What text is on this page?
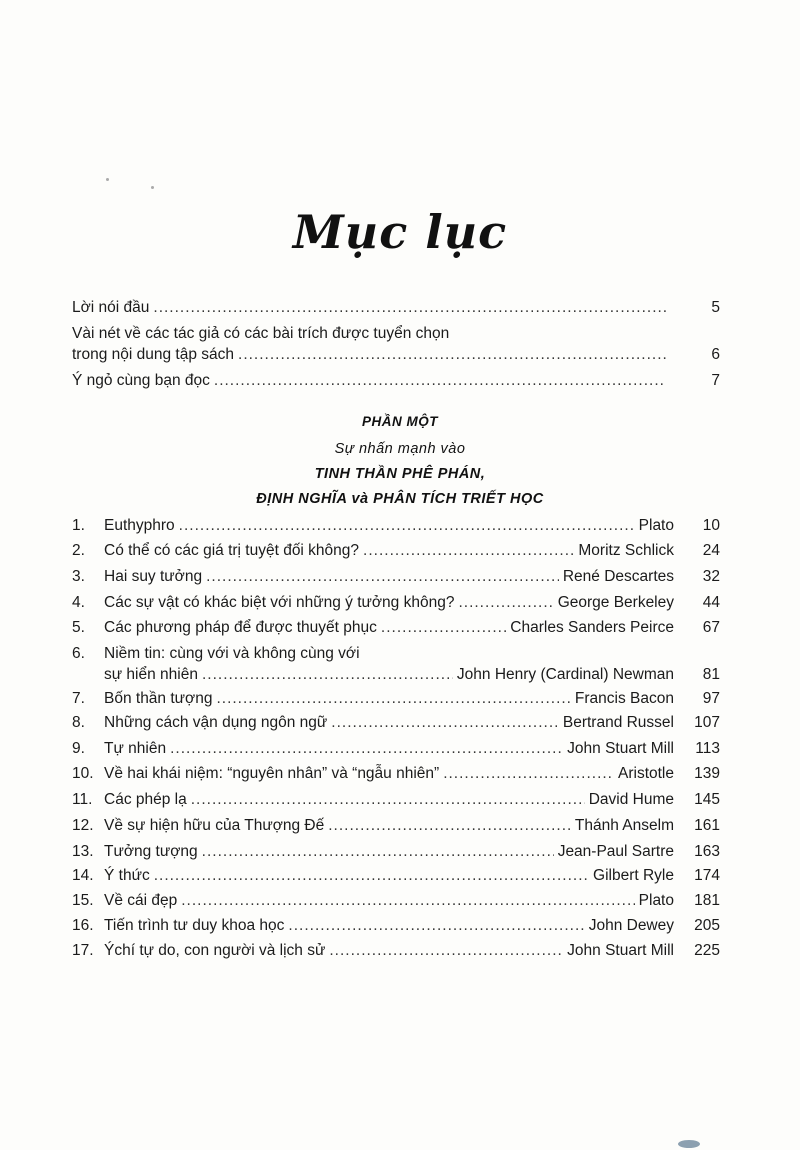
Mục lục
Lời nói đầu .....	5
Vài nét về các tác giả có các bài trích được tuyển chọn
trong nội dung tập sách .....	6
Ý ngỏ cùng bạn đọc .....	7
PHẦN MỘT
Sự nhấn mạnh vào
TINH THẦN PHÊ PHÁN,
ĐỊNH NGHĨA và PHÂN TÍCH TRIẾT HỌC
1.	Euthyphro .....	Plato	10
2.	Có thể có các giá trị tuyệt đối không? .....	Moritz Schlick	24
3.	Hai suy tưởng .....	René Descartes	32
4.	Các sự vật có khác biệt với những ý tưởng không? .....	George Berkeley	44
5.	Các phương pháp để được thuyết phục .....	Charles Sanders Peirce	67
6. Niềm tin: cùng với và không cùng với
sự hiển nhiên .....	John Henry (Cardinal) Newman	81
7.	Bốn thần tượng .....	Francis Bacon	97
8.	Những cách vận dụng ngôn ngữ .....	Bertrand Russel	107
9.	Tự nhiên .....	John Stuart Mill	113
10. Về hai khái niệm: “nguyên nhân” và “ngẫu nhiên” .....	Aristotle	139
11. Các phép lạ .....	David Hume	145
12. Về sự hiện hữu của Thượng Đế .....	Thánh Anselm	161
13. Tưởng tượng .....	Jean-Paul Sartre	163
14. Ý thức .....	Gilbert Ryle	174
15. Về cái đẹp .....	Plato	181
16. Tiến trình tư duy khoa học .....	John Dewey	205
17. Ýchí tự do, con người và lịch sử .....	John Stuart Mill	225
